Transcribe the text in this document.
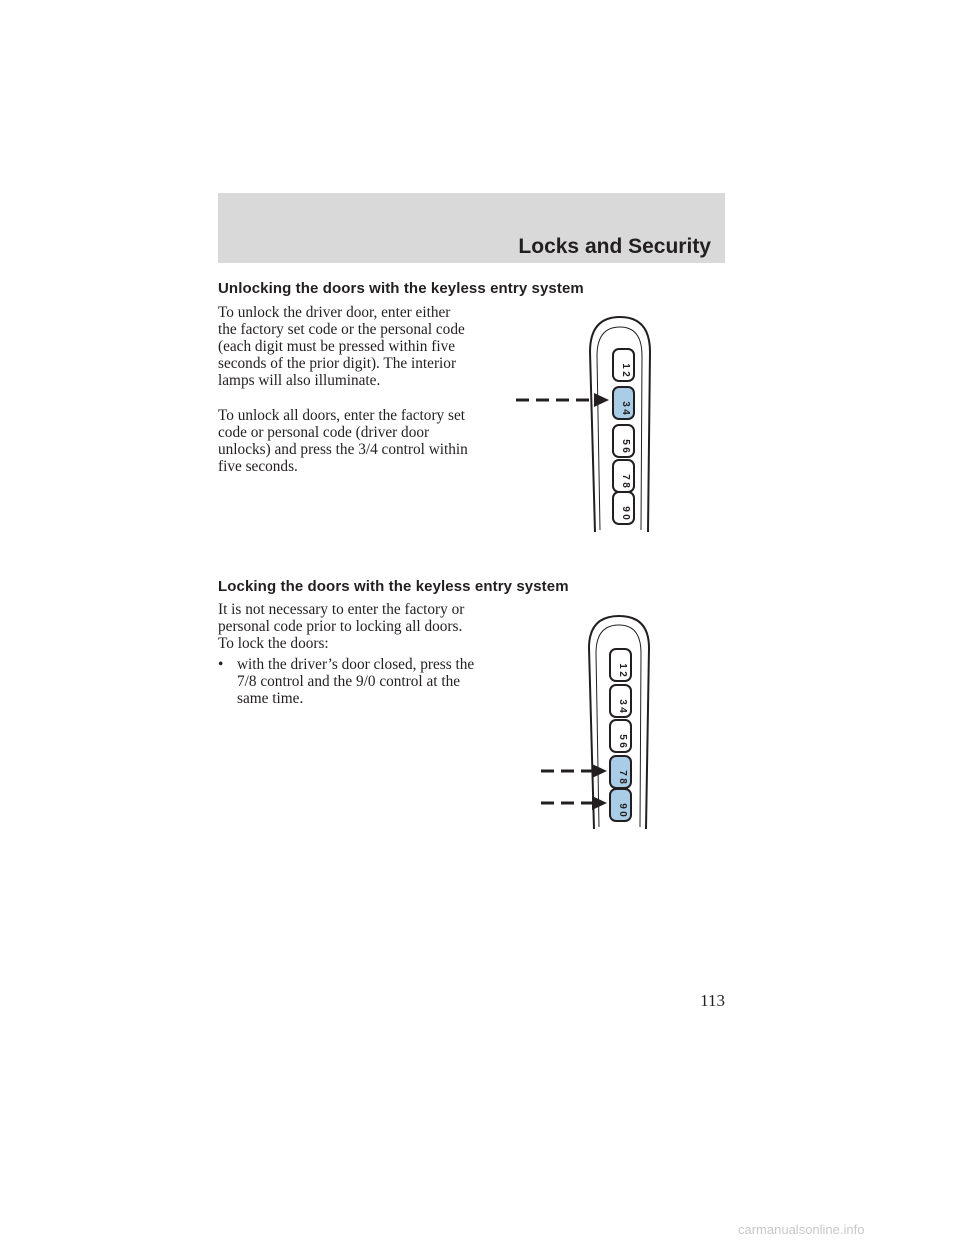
Locks and Security
Unlocking the doors with the keyless entry system

To unlock the driver door, enter either the factory set code or the personal code (each digit must be pressed within five seconds of the prior digit). The interior lamps will also illuminate.

To unlock all doors, enter the factory set code or personal code (driver door unlocks) and press the 3/4 control within five seconds.

Locking the doors with the keyless entry system

It is not necessary to enter the factory or personal code prior to locking all doors. To lock the doors:

• with the driver’s door closed, press the 7/8 control and the 9/0 control at the same time.
1
2
3
4
5
6
7
8
9
0
1
2
3
4
5
6
7
8
9
0
113
carmanualsonline.info
